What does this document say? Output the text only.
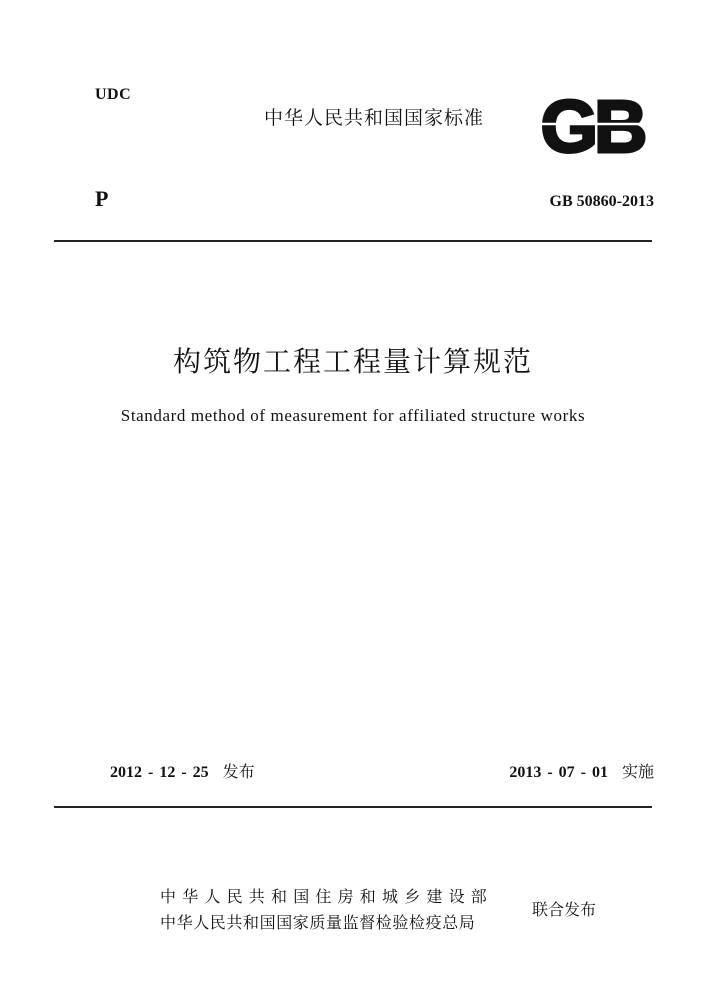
UDC
中华人民共和国国家标准 GB
P	GB 50860-2013
构筑物工程工程量计算规范
Standard method of measurement for affiliated structure works
2012 - 12 - 25 发布	2013 - 07 - 01 实施
中华人民共和国住房和城乡建设部
中华人民共和国国家质量监督检验检疫总局
联合发布
